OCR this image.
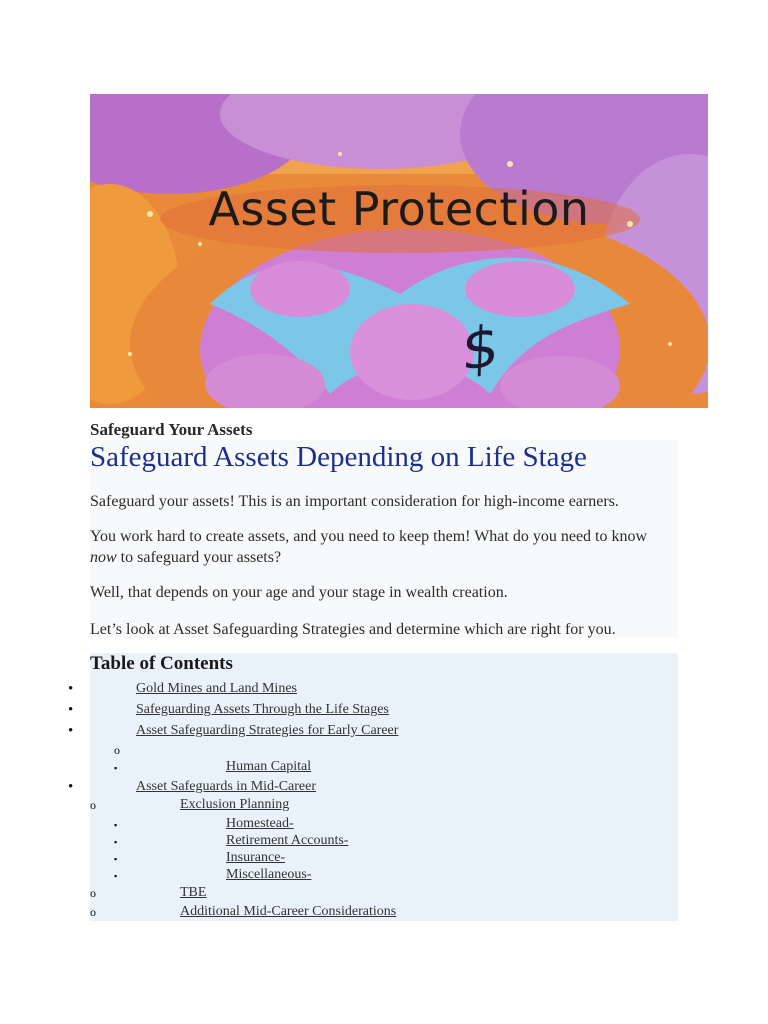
Asset Protection
$
Safeguard Your Assets
Safeguard Assets Depending on Life Stage
Safeguard your assets! This is an important consideration for high-income earners.
You work hard to create assets, and you need to keep them! What do you need to know now to safeguard your assets?
Well, that depends on your age and your stage in wealth creation.
Let’s look at Asset Safeguarding Strategies and determine which are right for you.
Table of Contents
•	Gold Mines and Land Mines
•	Safeguarding Assets Through the Life Stages
•	Asset Safeguarding Strategies for Early Career
o
▪	Human Capital
•	Asset Safeguards in Mid-Career
o	Exclusion Planning
▪	Homestead-
▪	Retirement Accounts-
▪	Insurance-
▪	Miscellaneous-
o	TBE
o	Additional Mid-Career Considerations
